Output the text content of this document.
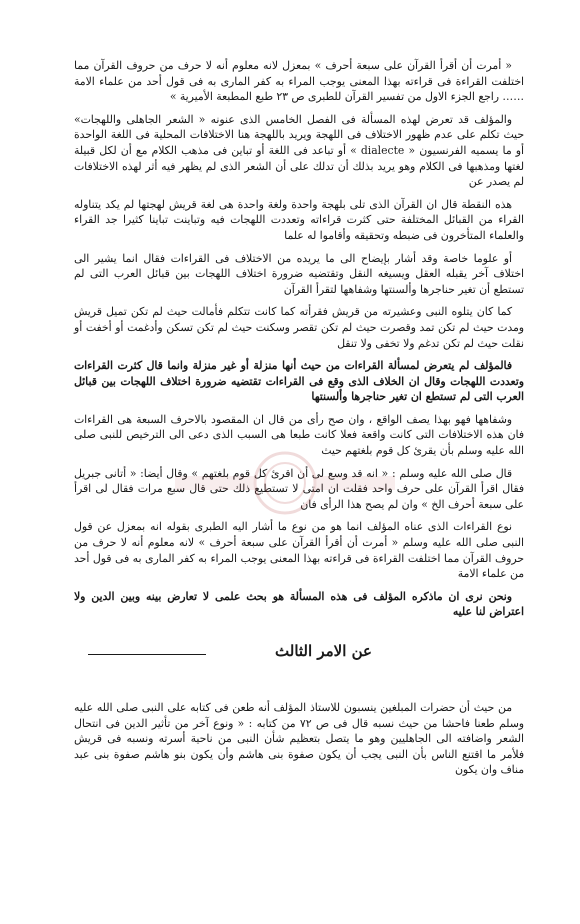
« أمرت أن أقرأ القرآن على سبعة أحرف » بمعزل لانه معلوم أنه لا حرف من حروف القرآن مما اختلفت القراءة فى قراءته بهذا المعنى يوجب المراء به كفر المارى به فى قول أحد من علماء الامة …… راجع الجزء الاول من تفسير القرآن للطبرى ص ٢٣ طبع المطبعة الأميرية »

والمؤلف قد تعرض لهذه المسألة فى الفصل الخامس الذى عنونه « الشعر الجاهلى واللهجات» حيث تكلم على عدم ظهور الاختلاف فى اللهجة ويريد باللهجة هنا الاختلافات المحلية فى اللغة الواحدة أو ما يسميه الفرنسيون « dialecte » أو تباعد فى اللغة أو تباين فى مذهب الكلام مع أن لكل قبيلة لغتها ومذهبها فى الكلام وهو يريد بذلك أن تدلك على أن الشعر الذى لم يظهر فيه أثر لهذه الاختلافات لم يصدر عن

هذه النقطة قال ان القرآن الذى تلى بلهجة واحدة ولغة واحدة هى لغة قريش لهجتها لم يكد يتناوله القراء من القبائل المختلفة حتى كثرت قراءاته وتعددت اللهجات فيه وتباينت تباينا كثيرا جد القراء والعلماء المتأخرون فى ضبطه وتحقيقه وأقاموا له علما

أو علوما خاصة وقد أشار بإيضاح الى ما يريده من الاختلاف فى القراءات فقال انما يشير الى اختلاف آخر يقبله العقل ويسيغه النقل وتقتضيه ضرورة اختلاف اللهجات بين قبائل العرب التى لم تستطع أن تغير حناجرها وألسنتها وشفاهها لتقرأ القرآن

كما كان يتلوه النبى وعشيرته من قريش فقرأته كما كانت تتكلم فأمالت حيث لم تكن تميل قريش ومدت حيث لم تكن تمد وقصرت حيث لم تكن تقصر وسكنت حيث لم تكن تسكن وأدغمت أو أخفت أو نقلت حيث لم تكن تدغم ولا تخفى ولا تنقل

فالمؤلف لم يتعرض لمسألة القراءات من حيث أنها منزلة أو غير منزلة وانما قال كثرت القراءات وتعددت اللهجات وقال ان الخلاف الذى وقع فى القراءات تقتضيه ضرورة اختلاف اللهجات بين قبائل العرب التى لم تستطع ان تغير حناجرها وألسنتها

وشفاهها فهو بهذا يصف الواقع ، وان صح رأى من قال ان المقصود بالاحرف السبعة هى القراءات فان هذه الاختلافات التى كانت واقعة فعلا كانت طبعا هى السبب الذى دعى الى الترخيص للنبى صلى الله عليه وسلم بأن يقرئ كل قوم بلغتهم حيث

قال صلى الله عليه وسلم : « انه قد وسع لى أن اقرئ كل قوم بلغتهم » وقال أيضا: « أتانى جبريل فقال اقرأ القرآن على حرف واحد فقلت ان امتى لا تستطيع ذلك حتى قال سبع مرات فقال لى اقرأ على سبعة أحرف الخ » وان لم يصح هذا الرأى فان

نوع القراءات الذى عناه المؤلف انما هو من نوع ما أشار اليه الطبرى بقوله انه بمعزل عن قول النبى صلى الله عليه وسلم « أمرت أن أقرأ القرآن على سبعة أحرف » لانه معلوم أنه لا حرف من حروف القرآن مما اختلفت القراءة فى قراءته بهذا المعنى يوجب المراء به كفر المارى به فى قول أحد من علماء الامة

ونحن نرى ان ماذكره المؤلف فى هذه المسألة هو بحث علمى لا تعارض بينه وبين الدين ولا اعتراض لنا عليه

عن الامر الثالث

من حيث أن حضرات المبلغين ينسبون للاستاذ المؤلف أنه طعن فى كتابه على النبى صلى الله عليه وسلم طعنا فاحشا من حيث نسبه قال فى ص ٧٢ من كتابه : « ونوع آخر من تأثير الدين فى انتحال الشعر واضافته الى الجاهليين وهو ما يتصل بتعظيم شأن النبى من ناحية أسرته ونسبه فى قريش فلأمر ما اقتنع الناس بأن النبى يجب أن يكون صفوة بنى هاشم وأن يكون بنو هاشم صفوة بنى عبد مناف وان يكون
